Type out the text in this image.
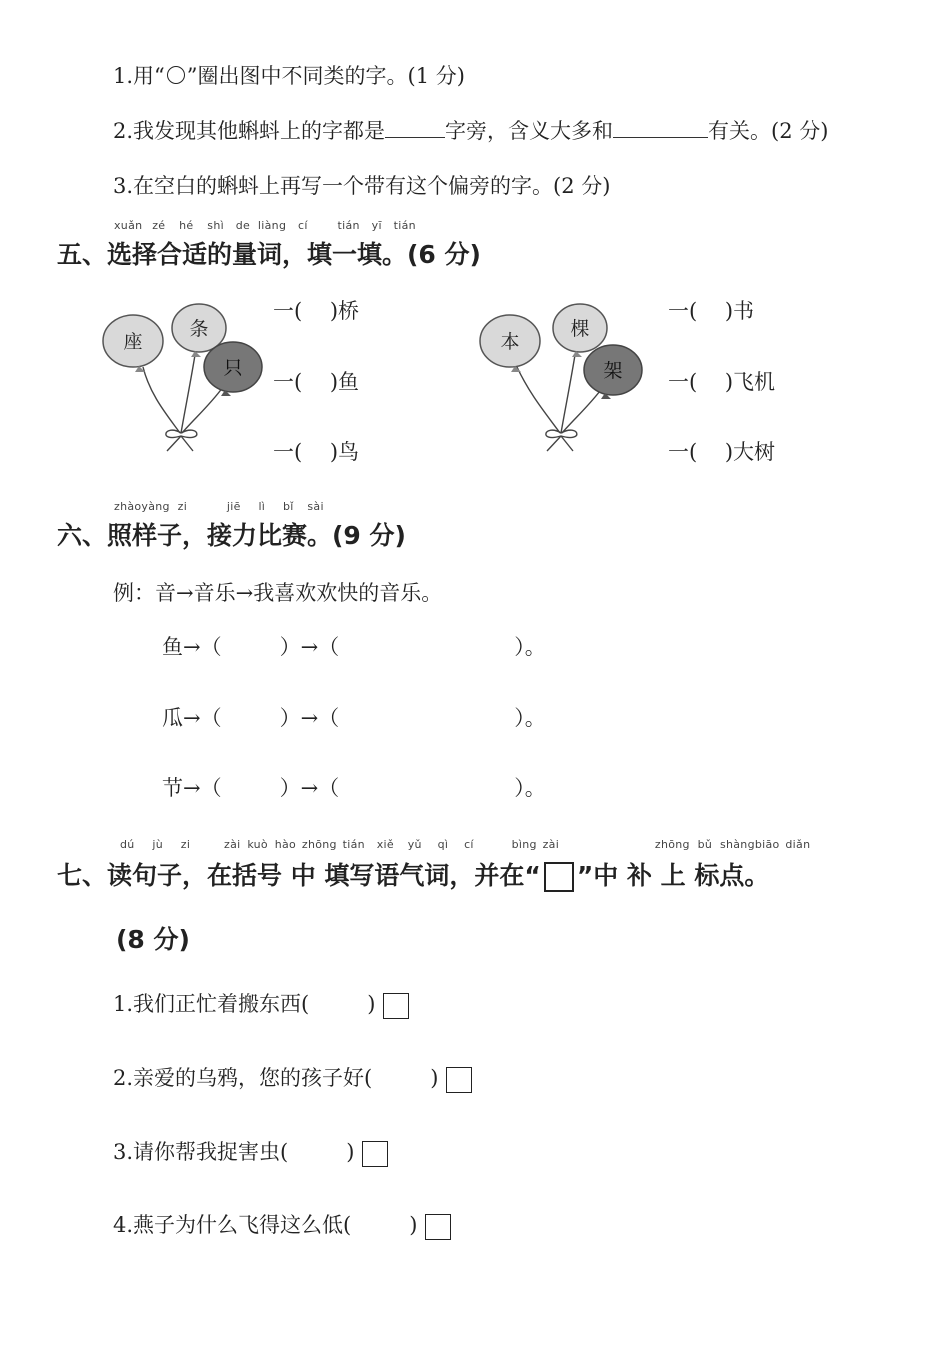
1.用“ ”圈出图中不同类的字。(1 分)
2.我发现其他蝌蚪上的字都是	字旁，含义大多和	有关。(2 分)
3.在空白的蝌蚪上再写一个带有这个偏旁的字。(2 分)
xuǎn zé hé shì de liàng cí	tián yī tián
五、选择合适的量词，填一填。(6 分)
座
条
只
本
棵
架
一(　 )桥
一(　 )鱼
一(　 )鸟
一(　 )书
一(　 )飞机
一(　 )大树
zhàoyàng zi	jiē lì bǐ sài
六、照样子，接力比赛。(9 分)
例：音→音乐→我喜欢欢快的音乐。
鱼→（	）→（	）。
瓜→（	）→（	）。
节→（	）→（	）。
dú jù zi	zài kuò hào zhōng tián xiě yǔ qì cí	bìng zài	zhōng bǔ shàngbiāo diǎn
七、读句子，在括号 中 填写语气词，并在“ ”中 补 上 标点。
(8 分)
1.我们正忙着搬东西(	)
2.亲爱的乌鸦，您的孩子好(	)
3.请你帮我捉害虫(	)
4.燕子为什么飞得这么低(	)
